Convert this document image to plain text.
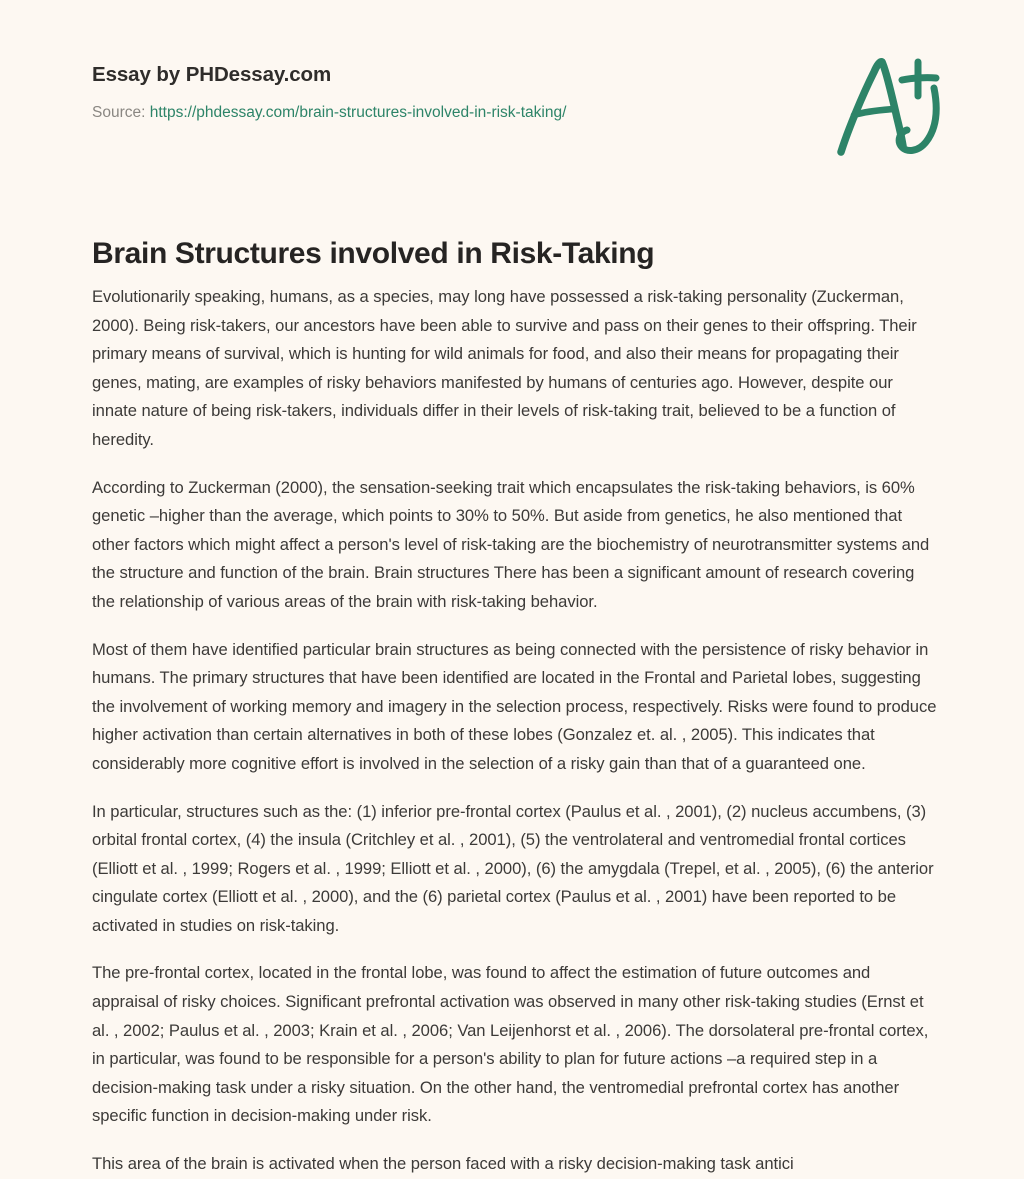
Essay by PHDessay.com
Source: https://phdessay.com/brain-structures-involved-in-risk-taking/
Brain Structures involved in Risk-Taking

Evolutionarily speaking, humans, as a species, may long have possessed a risk-taking personality (Zuckerman, 2000). Being risk-takers, our ancestors have been able to survive and pass on their genes to their offspring. Their primary means of survival, which is hunting for wild animals for food, and also their means for propagating their genes, mating, are examples of risky behaviors manifested by humans of centuries ago. However, despite our innate nature of being risk-takers, individuals differ in their levels of risk-taking trait, believed to be a function of heredity.

According to Zuckerman (2000), the sensation-seeking trait which encapsulates the risk-taking behaviors, is 60% genetic –higher than the average, which points to 30% to 50%. But aside from genetics, he also mentioned that other factors which might affect a person's level of risk-taking are the biochemistry of neurotransmitter systems and the structure and function of the brain. Brain structures There has been a significant amount of research covering the relationship of various areas of the brain with risk-taking behavior.

Most of them have identified particular brain structures as being connected with the persistence of risky behavior in humans. The primary structures that have been identified are located in the Frontal and Parietal lobes, suggesting the involvement of working memory and imagery in the selection process, respectively. Risks were found to produce higher activation than certain alternatives in both of these lobes (Gonzalez et. al. , 2005). This indicates that considerably more cognitive effort is involved in the selection of a risky gain than that of a guaranteed one.

In particular, structures such as the: (1) inferior pre-frontal cortex (Paulus et al. , 2001), (2) nucleus accumbens, (3) orbital frontal cortex, (4) the insula (Critchley et al. , 2001), (5) the ventrolateral and ventromedial frontal cortices (Elliott et al. , 1999; Rogers et al. , 1999; Elliott et al. , 2000), (6) the amygdala (Trepel, et al. , 2005), (6) the anterior cingulate cortex (Elliott et al. , 2000), and the (6) parietal cortex (Paulus et al. , 2001) have been reported to be activated in studies on risk-taking.

The pre-frontal cortex, located in the frontal lobe, was found to affect the estimation of future outcomes and appraisal of risky choices. Significant prefrontal activation was observed in many other risk-taking studies (Ernst et al. , 2002; Paulus et al. , 2003; Krain et al. , 2006; Van Leijenhorst et al. , 2006). The dorsolateral pre-frontal cortex, in particular, was found to be responsible for a person's ability to plan for future actions –a required step in a decision-making task under a risky situation. On the other hand, the ventromedial prefrontal cortex has another specific function in decision-making under risk.

This area of the brain is activated when the person faced with a risky decision-making task antici
